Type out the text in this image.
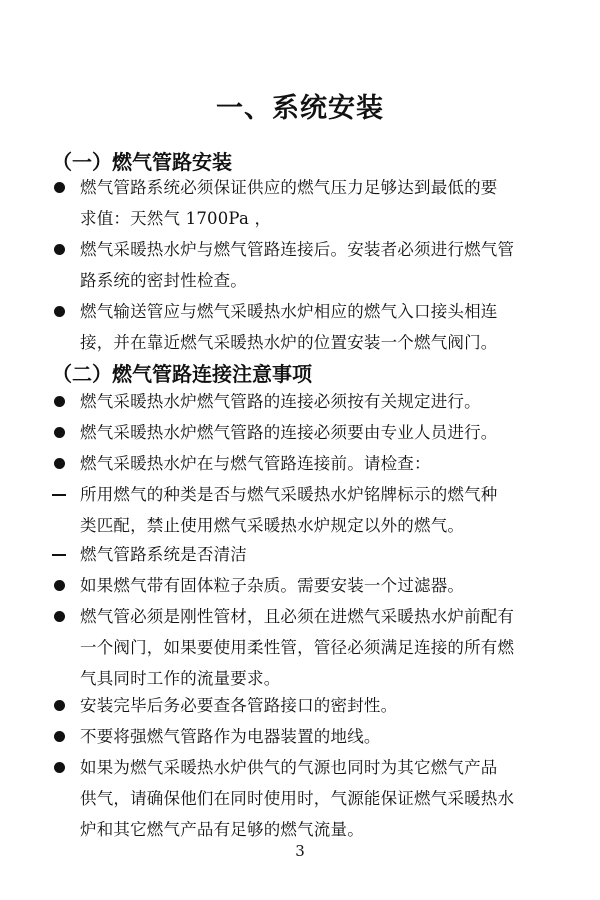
一、系统安装
（一）燃气管路安装
燃气管路系统必须保证供应的燃气压力足够达到最低的要
求值：天然气 1700Pa ，
燃气采暖热水炉与燃气管路连接后。安装者必须进行燃气管
路系统的密封性检查。
燃气输送管应与燃气采暖热水炉相应的燃气入口接头相连
接，并在靠近燃气采暖热水炉的位置安装一个燃气阀门。
（二）燃气管路连接注意事项
燃气采暖热水炉燃气管路的连接必须按有关规定进行。
燃气采暖热水炉燃气管路的连接必须要由专业人员进行。
燃气采暖热水炉在与燃气管路连接前。请检查：
所用燃气的种类是否与燃气采暖热水炉铭牌标示的燃气种
类匹配，禁止使用燃气采暖热水炉规定以外的燃气。
燃气管路系统是否清洁
如果燃气带有固体粒子杂质。需要安装一个过滤器。
燃气管必须是刚性管材，且必须在进燃气采暖热水炉前配有
一个阀门，如果要使用柔性管，管径必须满足连接的所有燃
气具同时工作的流量要求。
安装完毕后务必要查各管路接口的密封性。
不要将强燃气管路作为电器装置的地线。
如果为燃气采暖热水炉供气的气源也同时为其它燃气产品
供气，请确保他们在同时使用时，气源能保证燃气采暖热水
炉和其它燃气产品有足够的燃气流量。
3
